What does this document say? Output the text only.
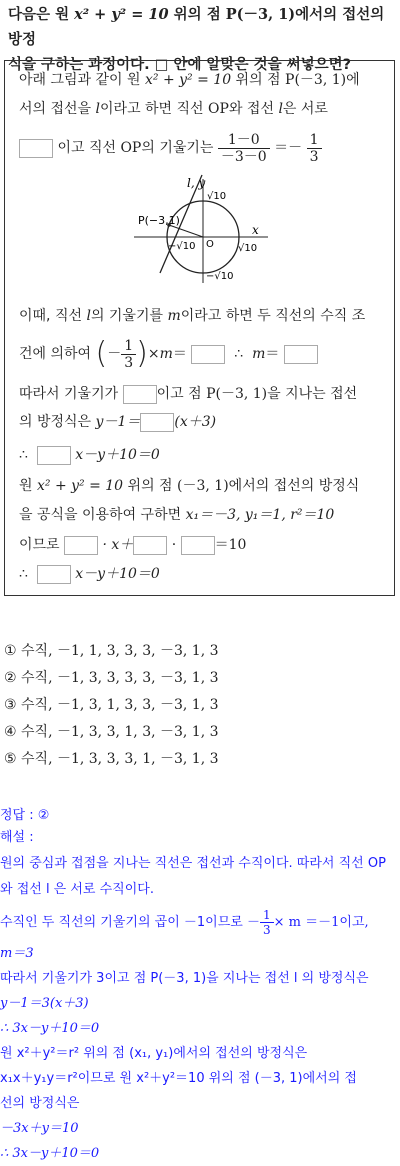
다음은 원 x² + y² = 10 위의 점 P(－3, 1)에서의 접선의 방정
식을 구하는 과정이다. □ 안에 알맞은 것을 써넣으면?
아래 그림과 같이 원 x² + y² = 10 위의 점 P(－3, 1)에
서의 접선을 l이라고 하면 직선 OP와 접선 l은 서로
이고 직선 OP의 기울기는 $\frac{1-0}{-3-0} =- \frac{1}{3}$
P(−3,1)
l, y
x
O
√10
−√10	√10
−√10
이때, 직선 l의 기울기를 m이라고 하면 두 직선의 수직 조
건에 의하여 (－ $\frac{1}{3} )\times m=$	∴ m＝
따라서 기울기가 이고 점 P(－3, 1)을 지나는 접선
의 방정식은 y－1＝ (x＋3)
∴	x－y＋10＝0
원 x² + y² = 10 위의 점 (－3, 1)에서의 접선의 방정식
을 공식을 이용하여 구하면 x₁＝－3, y₁＝1, r²＝10
이므로	· x＋	·	＝10
∴	x－y＋10＝0
① 수직, －1, 1, 3, 3, 3, －3, 1, 3
② 수직, －1, 3, 3, 3, 3, －3, 1, 3
③ 수직, －1, 3, 1, 3, 3, －3, 1, 3
④ 수직, －1, 3, 3, 1, 3, －3, 1, 3
⑤ 수직, －1, 3, 3, 3, 1, －3, 1, 3
정답 : ②
해설 :
원의 중심과 접점을 지나는 직선은 접선과 수직이다. 따라서 직선 OP
와 접선 l 은 서로 수직이다.
수직인 두 직선의 기울기의 곱이 －1이므로 － $\frac{1}{3} \times m =-1$이고,
m＝3
따라서 기울기가 3이고 점 P(－3, 1)을 지나는 접선 l 의 방정식은
y－1＝3(x＋3)
∴ 3x－y＋10＝0
원 x²＋y²＝r² 위의 점 (x₁, y₁)에서의 접선의 방정식은
x₁x＋y₁y＝r²이므로 원 x²＋y²＝10 위의 점 (－3, 1)에서의 접
선의 방정식은
－3x＋y＝10
∴ 3x－y＋10＝0
